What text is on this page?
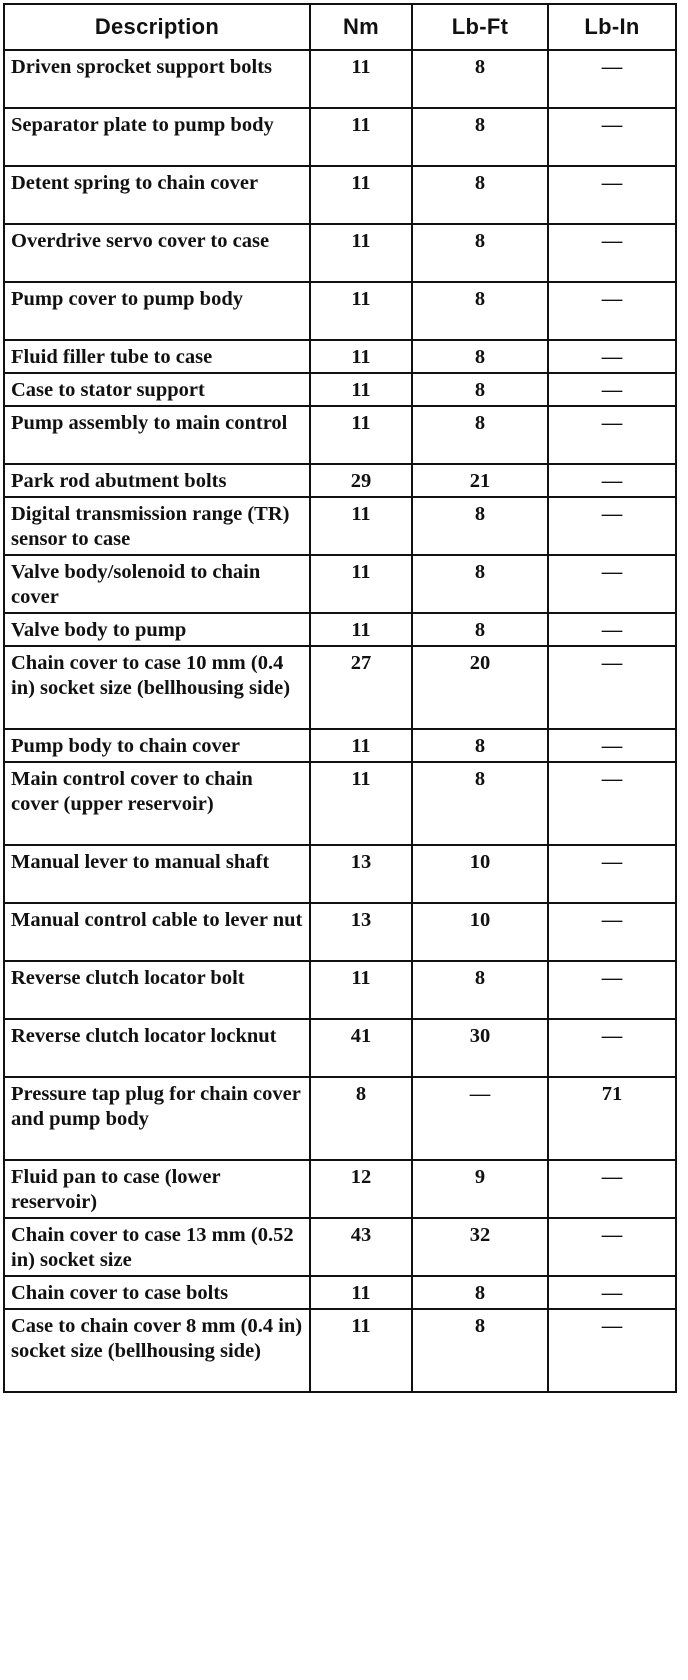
Description	Nm	Lb-Ft	Lb-In
Driven sprocket support bolts	11	8	—
Separator plate to pump body	11	8	—
Detent spring to chain cover	11	8	—
Overdrive servo cover to case	11	8	—
Pump cover to pump body	11	8	—
Fluid filler tube to case	11	8	—
Case to stator support	11	8	—
Pump assembly to main control	11	8	—
Park rod abutment bolts	29	21	—
Digital transmission range (TR) sensor to case	11	8	—
Valve body/solenoid to chain cover	11	8	—
Valve body to pump	11	8	—
Chain cover to case 10 mm (0.4 in) socket size (bellhousing side)	27	20	—
Pump body to chain cover	11	8	—
Main control cover to chain cover (upper reservoir)	11	8	—
Manual lever to manual shaft	13	10	—
Manual control cable to lever nut	13	10	—
Reverse clutch locator bolt	11	8	—
Reverse clutch locator locknut	41	30	—
Pressure tap plug for chain cover and pump body	8	—	71
Fluid pan to case (lower reservoir)	12	9	—
Chain cover to case 13 mm (0.52 in) socket size	43	32	—
Chain cover to case bolts	11	8	—
Case to chain cover 8 mm (0.4 in) socket size (bellhousing side)	11	8	—
